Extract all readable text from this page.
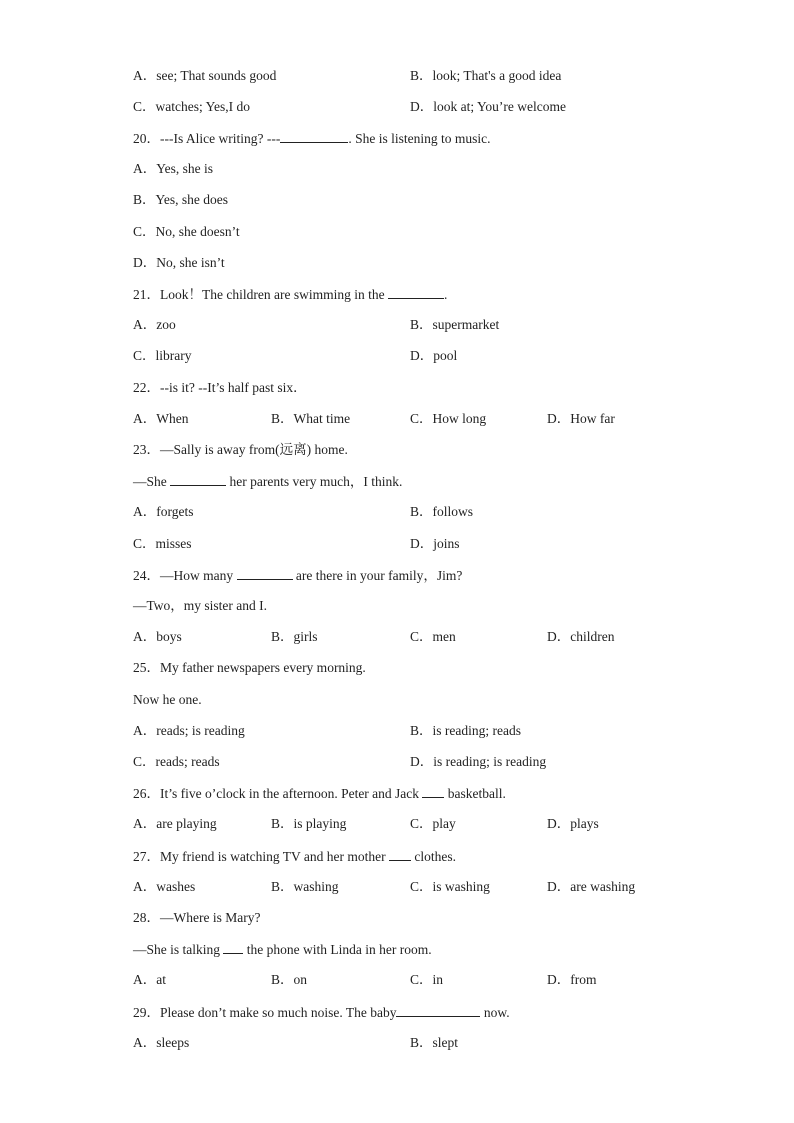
A．see; That sounds good	B．look; That's a good idea
C．watches; Yes,I do	D．look at; You’re welcome
20．---Is Alice writing? ---	. She is listening to music.
A．Yes, she is
B．Yes, she does
C．No, she doesn’t
D．No, she isn’t
21．Look！The children are swimming in the	.
A．zoo	B．supermarket
C．library	D．pool
22．--is it? --It’s half past six．
A．When	B．What time	C．How long	D．How far
23．—Sally is away from(远离) home.
—She	her parents very much，I think.
A．forgets	B．follows
C．misses	D．joins
24．—How many	are there in your family，Jim?
—Two，my sister and I.
A．boys	B．girls	C．men	D．children
25．My father newspapers every morning.
Now he one.
A．reads; is reading	B．is reading; reads
C．reads; reads	D．is reading; is reading
26．It’s five o’clock in the afternoon. Peter and Jack  basketball.
A．are playing	B．is playing	C．play	D．plays
27．My friend is watching TV and her mother  clothes.
A．washes	B．washing	C．is washing	D．are washing
28．—Where is Mary?
—She is talking  the phone with Linda in her room.
A．at	B．on	C．in	D．from
29．Please don’t make so much noise. The baby	now.
A．sleeps	B．slept
